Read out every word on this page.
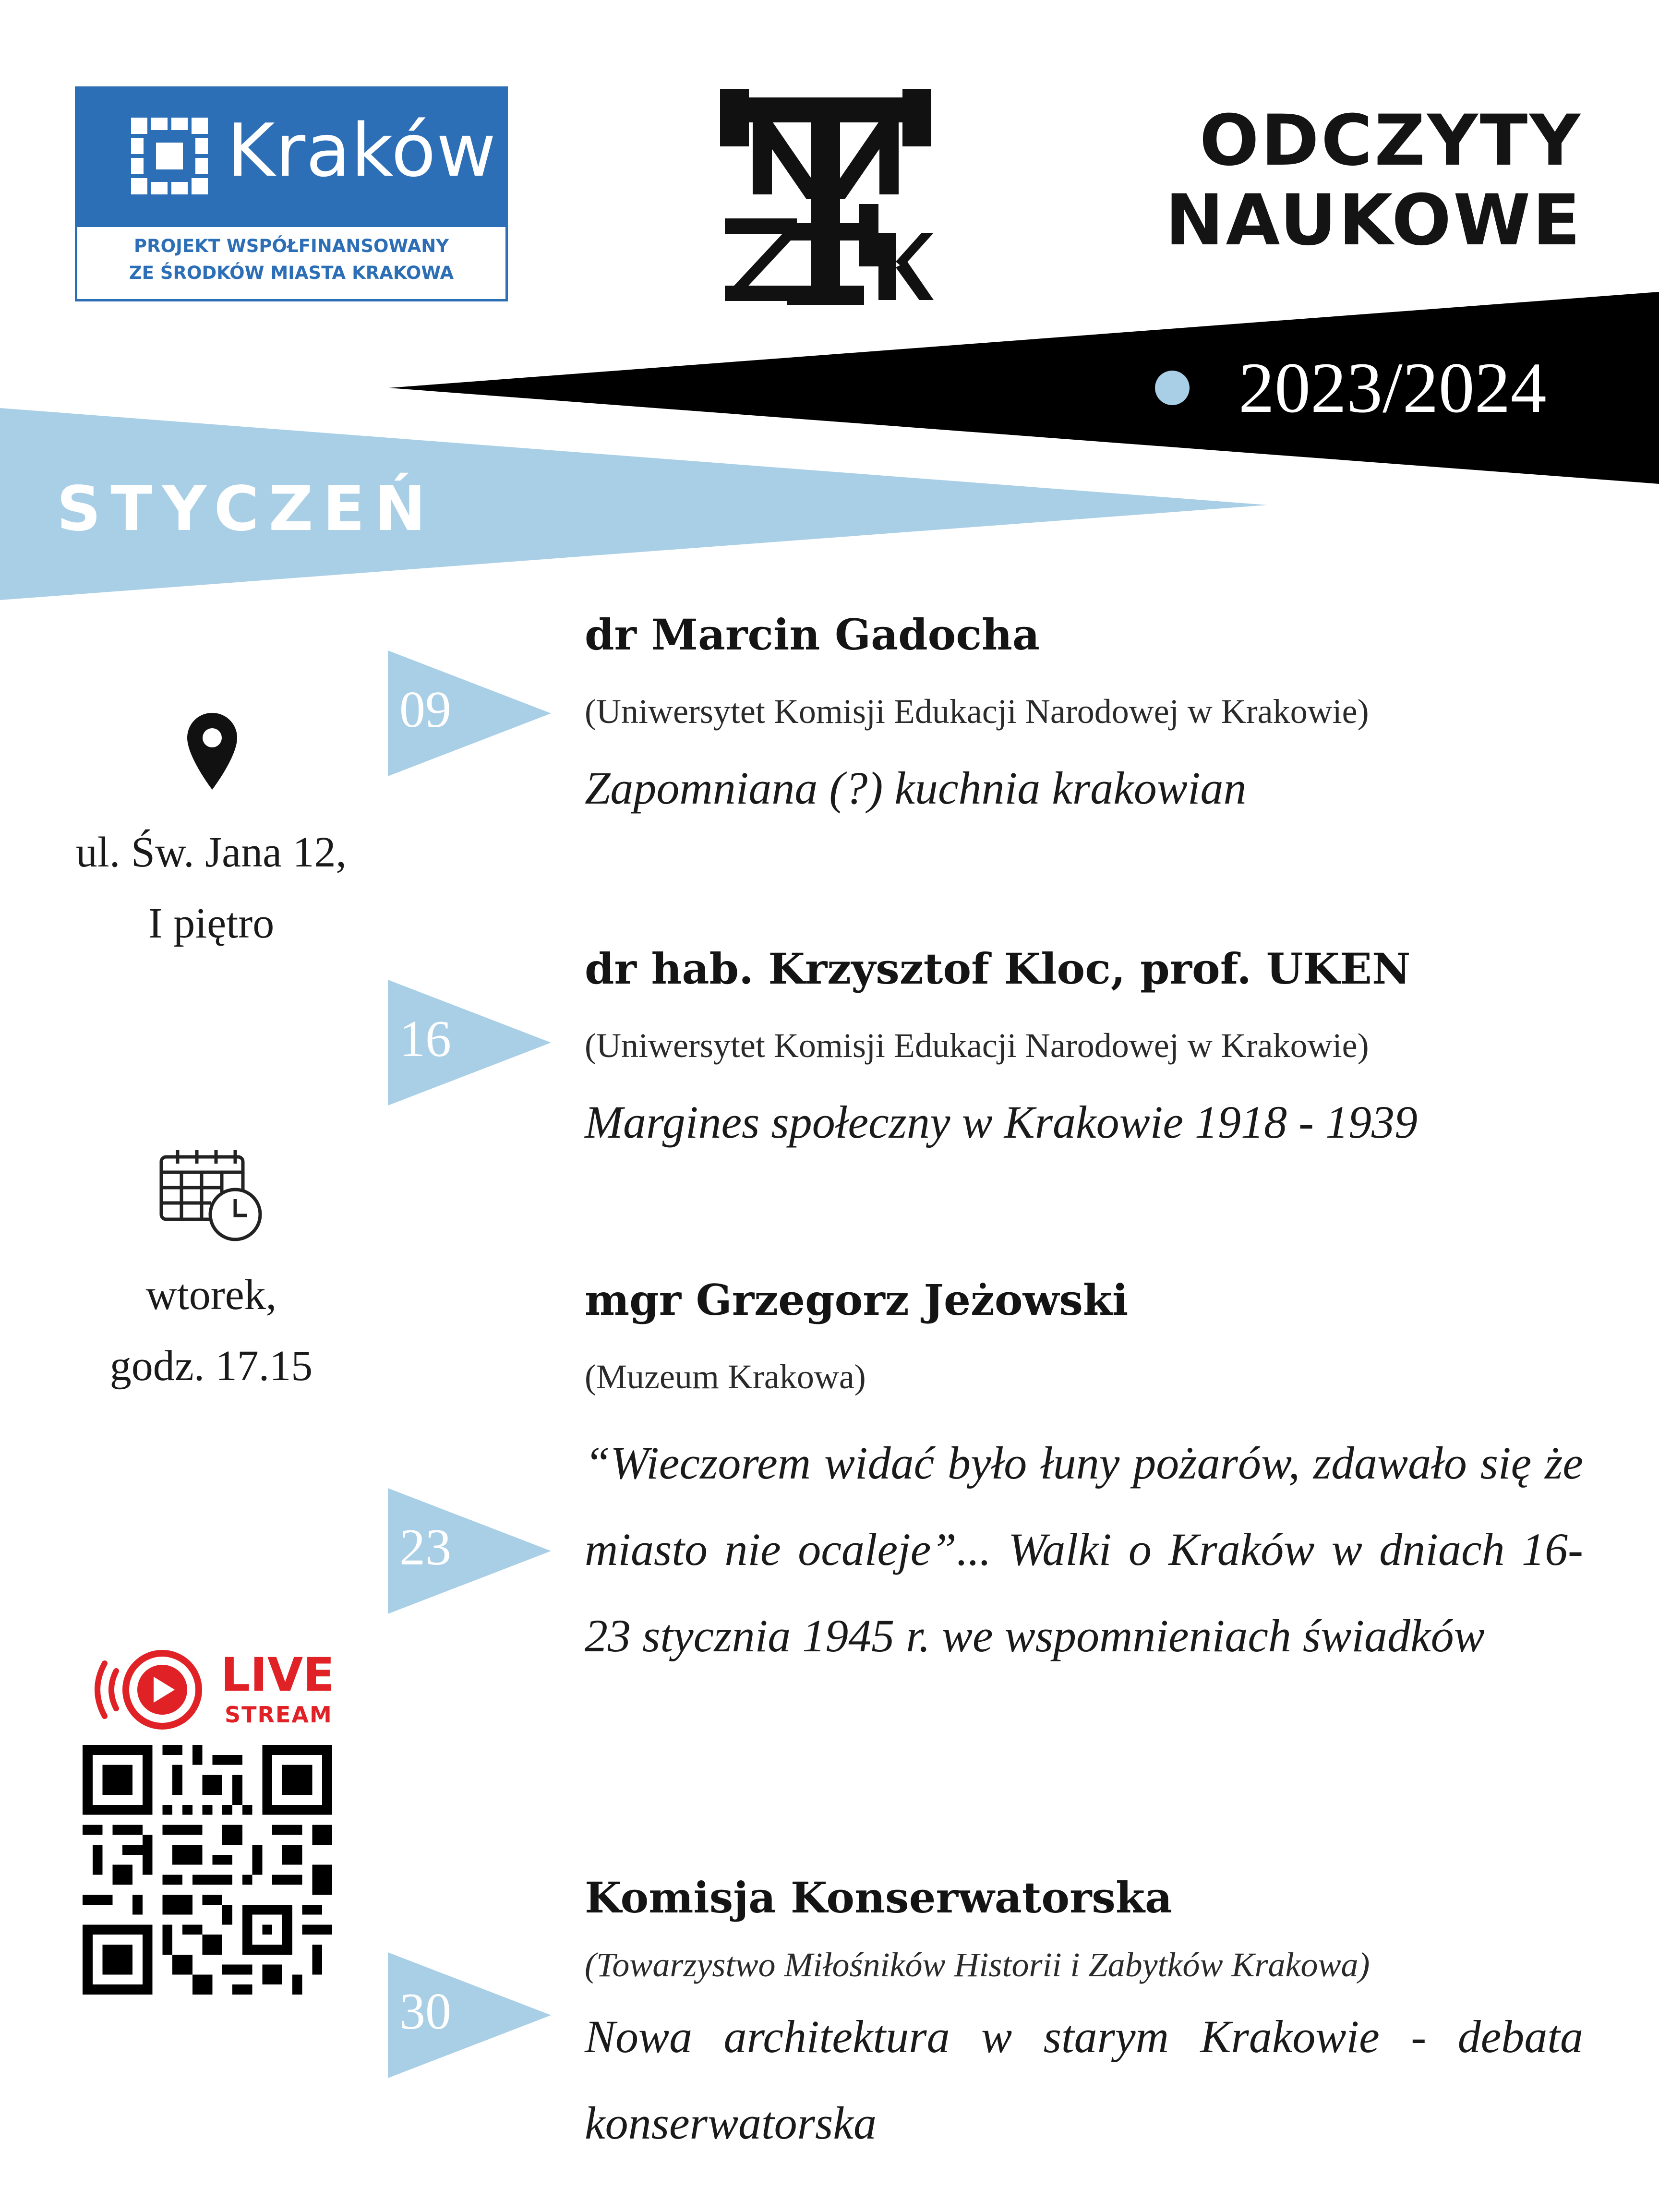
Kraków
PROJEKT WSPÓŁFINANSOWANY
ZE ŚRODKÓW MIASTA KRAKOWA
ODCZYTY
NAUKOWE
2023/2024
STYCZEŃ
ul. Św. Jana 12,
I piętro
wtorek,
godz. 17.15
LIVE
STREAM
09
dr Marcin Gadocha
(Uniwersytet Komisji Edukacji Narodowej w Krakowie)
Zapomniana (?) kuchnia krakowian
16
dr hab. Krzysztof Kloc, prof. UKEN
(Uniwersytet Komisji Edukacji Narodowej w Krakowie)
Margines społeczny w Krakowie 1918 - 1939
23
mgr Grzegorz Jeżowski
(Muzeum Krakowa)
“Wieczorem widać było łuny pożarów, zdawało się że miasto nie ocaleje”... Walki o Kraków w dniach 16-23 stycznia 1945 r. we wspomnieniach świadków
30
Komisja Konserwatorska
(Towarzystwo Miłośników Historii i Zabytków Krakowa)
Nowa architektura w starym Krakowie - debata konserwatorska
